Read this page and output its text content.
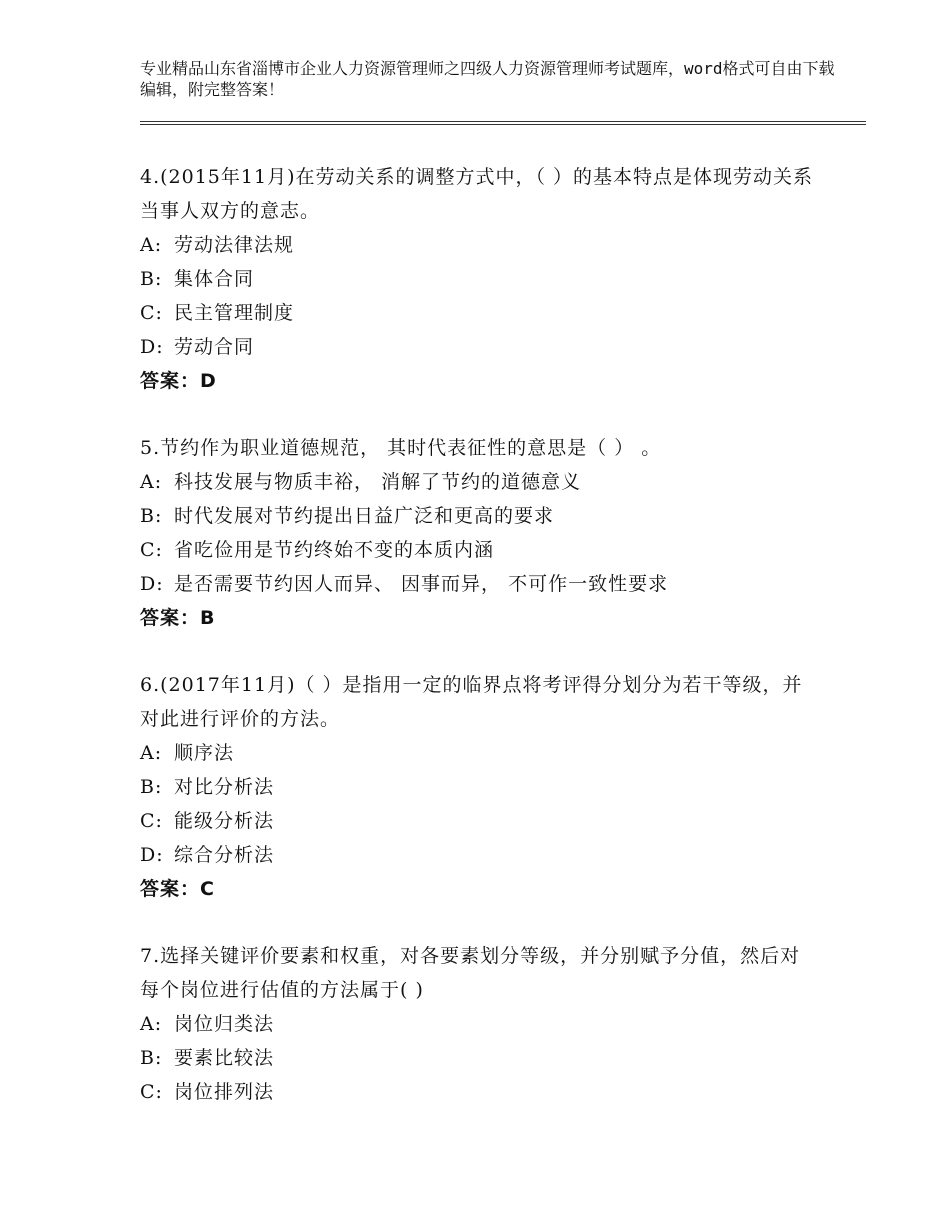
专业精品山东省淄博市企业人力资源管理师之四级人力资源管理师考试题库，word格式可自由下载编辑，附完整答案！

4.(2015年11月)在劳动关系的调整方式中，（ ）的基本特点是体现劳动关系当事人双方的意志。

A: 劳动法律法规
B: 集体合同
C: 民主管理制度
D: 劳动合同
答案：D

5.节约作为职业道德规范， 其时代表征性的意思是（ ） 。

A: 科技发展与物质丰裕， 消解了节约的道德意义
B: 时代发展对节约提出日益广泛和更高的要求
C: 省吃俭用是节约终始不变的本质内涵
D: 是否需要节约因人而异、 因事而异， 不可作一致性要求
答案：B

6.(2017年11月)（ ）是指用一定的临界点将考评得分划分为若干等级，并对此进行评价的方法。

A: 顺序法
B: 对比分析法
C: 能级分析法
D: 综合分析法
答案：C

7.选择关键评价要素和权重，对各要素划分等级，并分别赋予分值，然后对每个岗位进行估值的方法属于( )

A: 岗位归类法
B: 要素比较法
C: 岗位排列法
